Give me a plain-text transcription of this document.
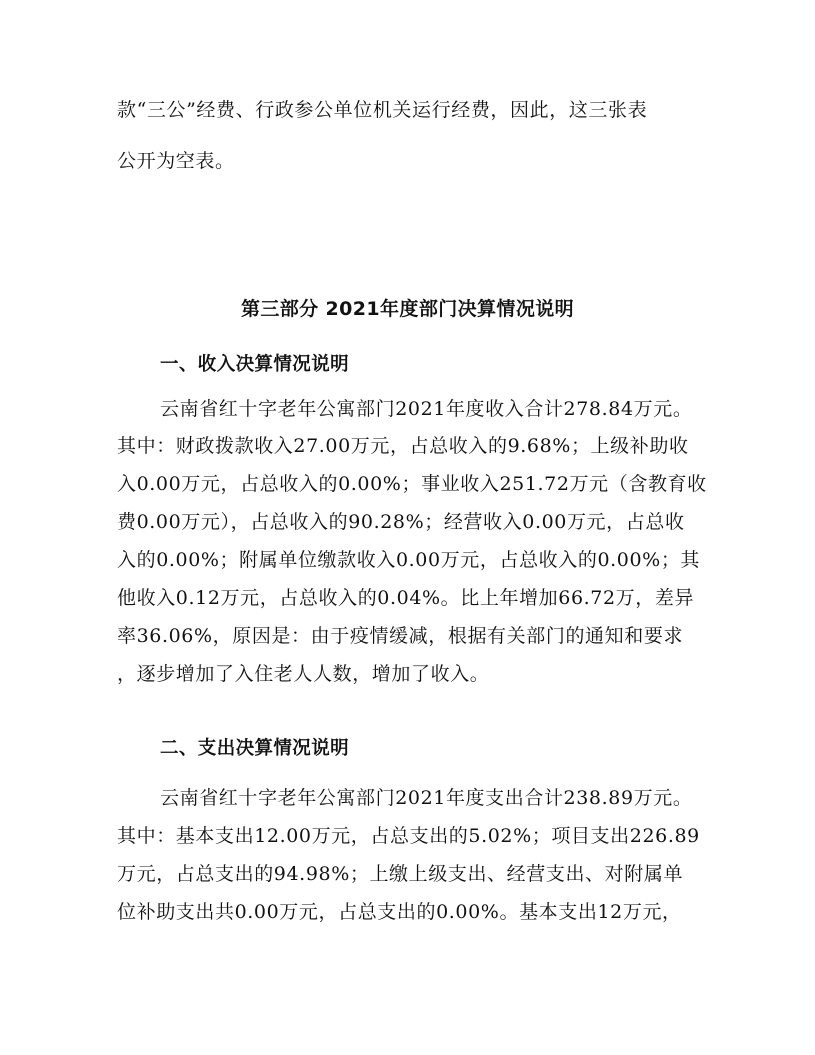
款“三公”经费、行政参公单位机关运行经费，因此，这三张表
公开为空表。
第三部分 2021年度部门决算情况说明
一、收入决算情况说明
云南省红十字老年公寓部门2021年度收入合计278.84万元。
其中：财政拨款收入27.00万元，占总收入的9.68%；上级补助收
入0.00万元，占总收入的0.00%；事业收入251.72万元（含教育收
费0.00万元），占总收入的90.28%；经营收入0.00万元，占总收
入的0.00%；附属单位缴款收入0.00万元，占总收入的0.00%；其
他收入0.12万元，占总收入的0.04%。比上年增加66.72万，差异
率36.06%，原因是：由于疫情缓减，根据有关部门的通知和要求
，逐步增加了入住老人人数，增加了收入。
二、支出决算情况说明
云南省红十字老年公寓部门2021年度支出合计238.89万元。
其中：基本支出12.00万元，占总支出的5.02%；项目支出226.89
万元，占总支出的94.98%；上缴上级支出、经营支出、对附属单
位补助支出共0.00万元，占总支出的0.00%。基本支出12万元，
